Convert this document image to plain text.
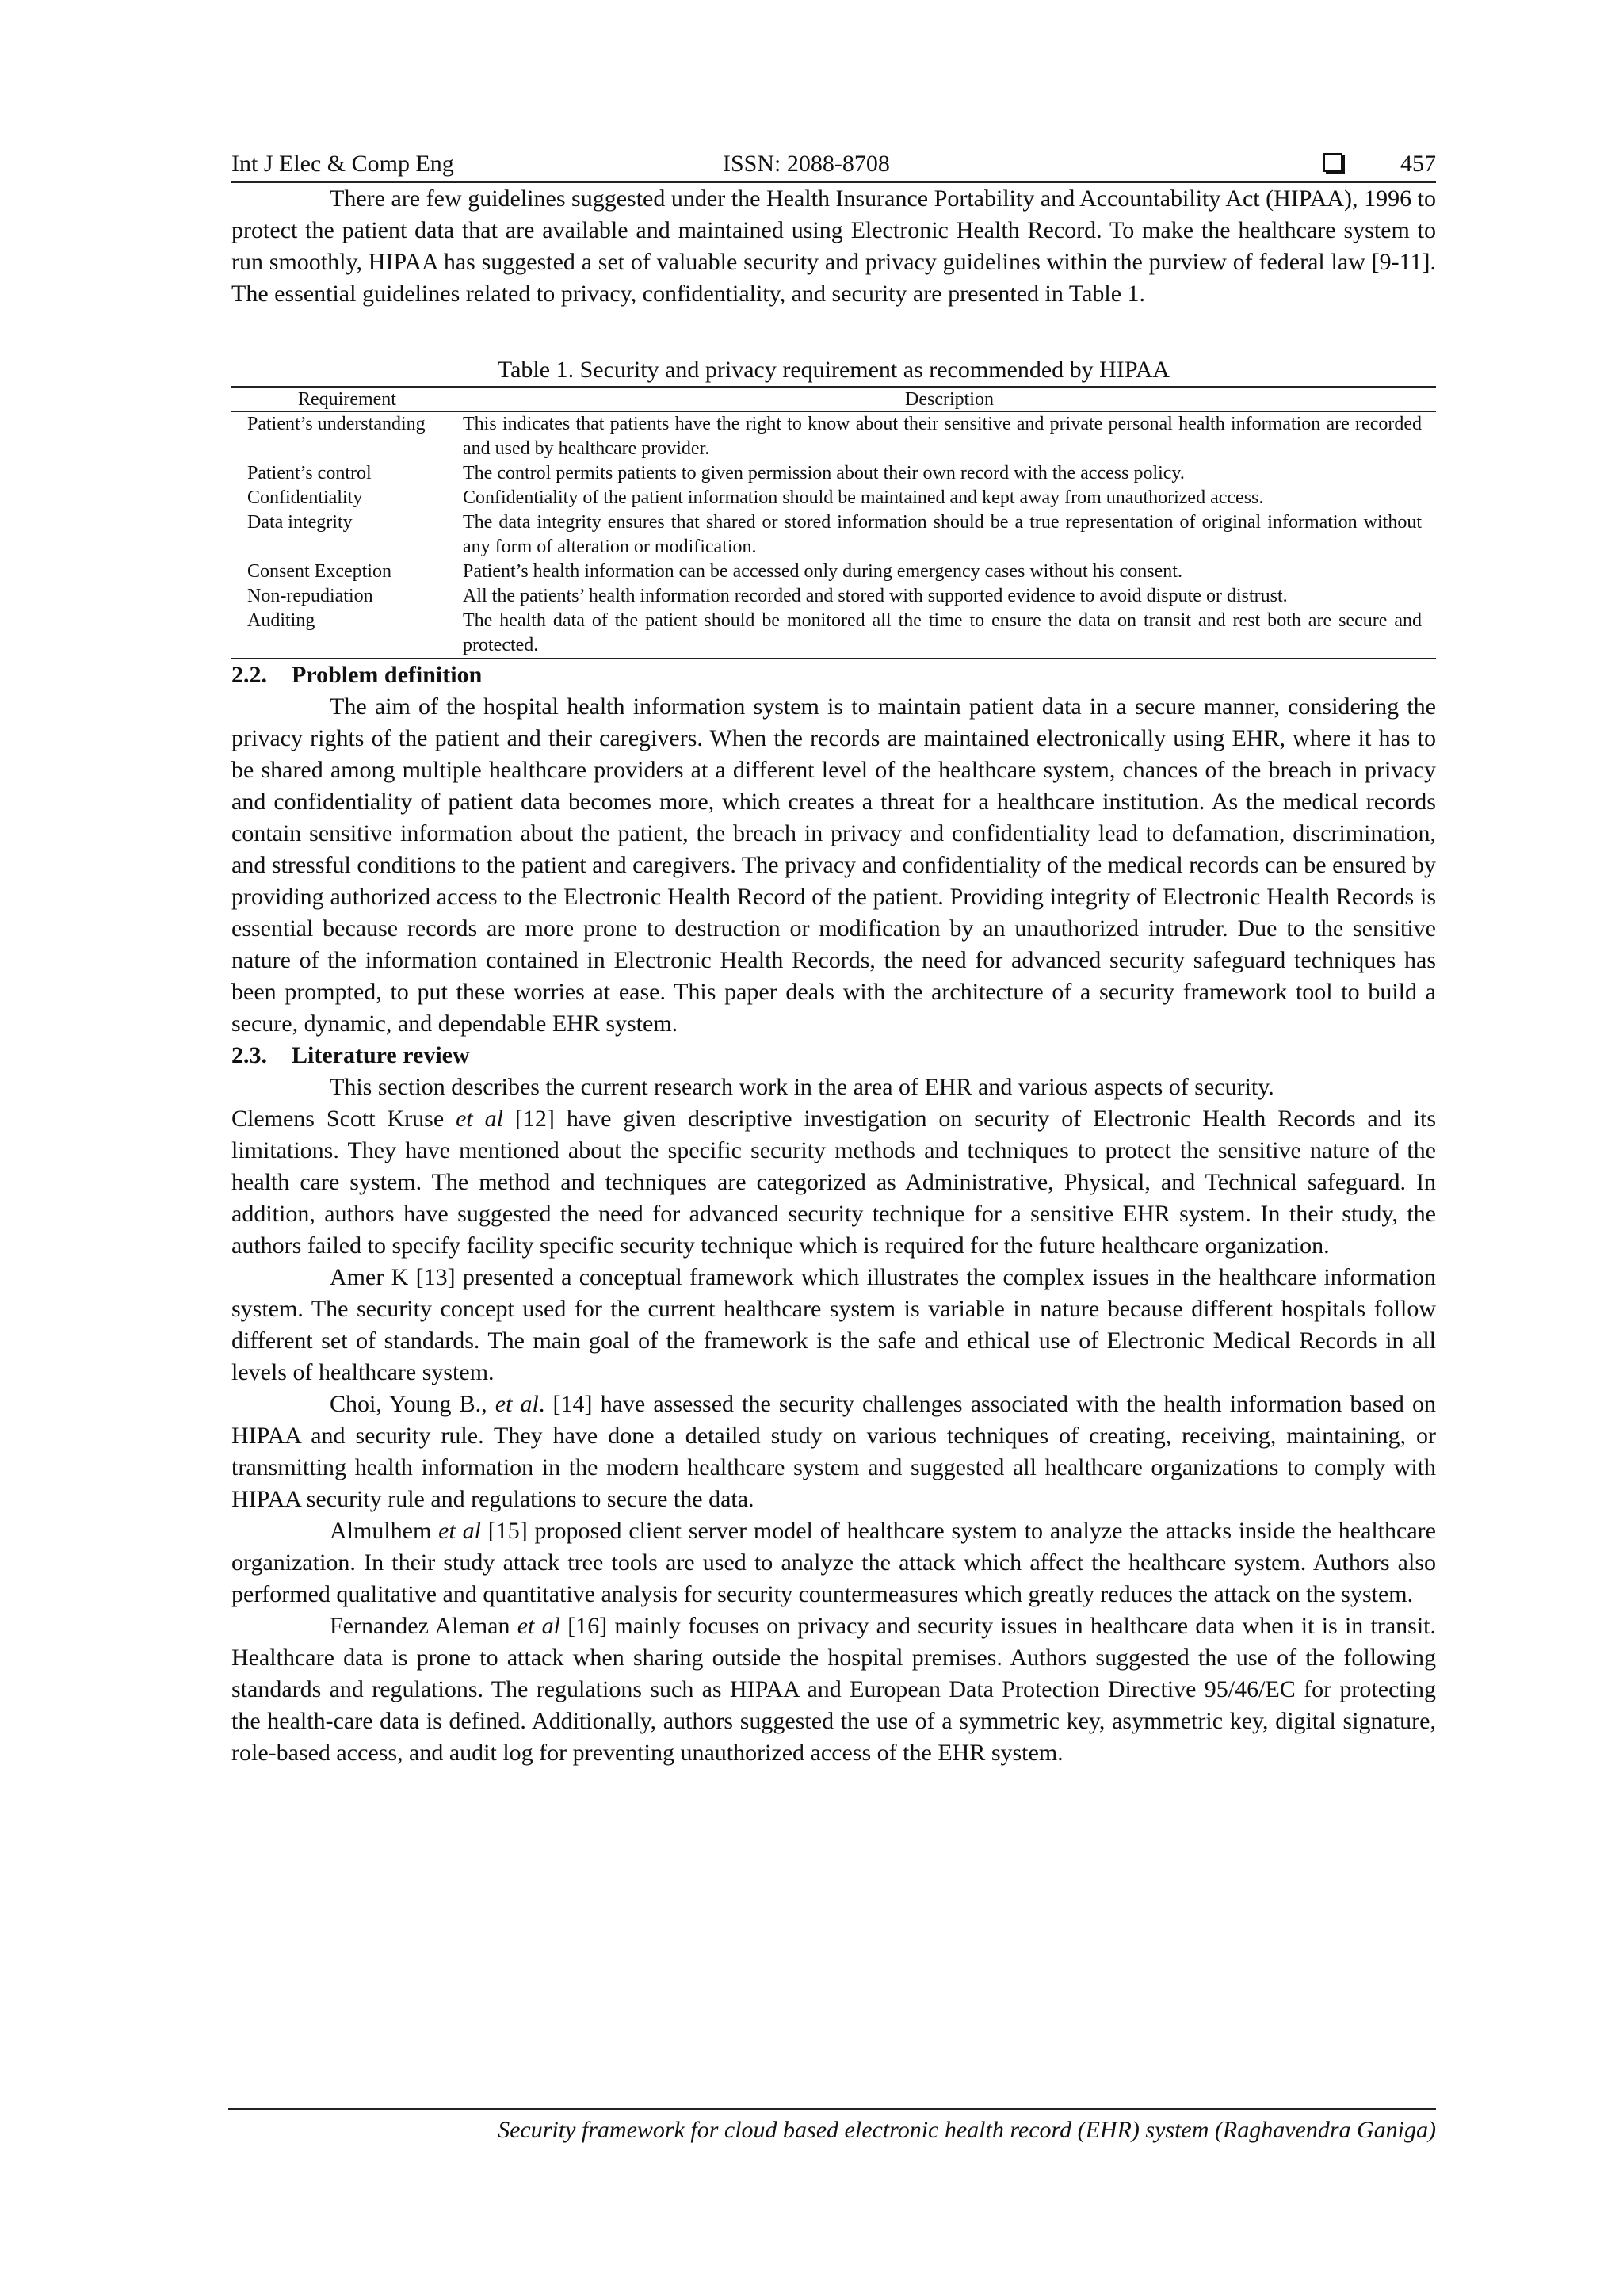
Int J Elec & Comp Eng	ISSN: 2088-8708	457

There are few guidelines suggested under the Health Insurance Portability and Accountability Act (HIPAA), 1996 to protect the patient data that are available and maintained using Electronic Health Record. To make the healthcare system to run smoothly, HIPAA has suggested a set of valuable security and privacy guidelines within the purview of federal law [9-11]. The essential guidelines related to privacy, confidentiality, and security are presented in Table 1.

Table 1. Security and privacy requirement as recommended by HIPAA
Requirement	Description
Patient’s understanding	This indicates that patients have the right to know about their sensitive and private personal health information are recorded and used by healthcare provider.
Patient’s control	The control permits patients to given permission about their own record with the access policy.
Confidentiality	Confidentiality of the patient information should be maintained and kept away from unauthorized access.
Data integrity	The data integrity ensures that shared or stored information should be a true representation of original information without any form of alteration or modification.
Consent Exception	Patient’s health information can be accessed only during emergency cases without his consent.
Non-repudiation	All the patients’ health information recorded and stored with supported evidence to avoid dispute or distrust.
Auditing	The health data of the patient should be monitored all the time to ensure the data on transit and rest both are secure and protected.
2.2.	Problem definition

The aim of the hospital health information system is to maintain patient data in a secure manner, considering the privacy rights of the patient and their caregivers. When the records are maintained electronically using EHR, where it has to be shared among multiple healthcare providers at a different level of the healthcare system, chances of the breach in privacy and confidentiality of patient data becomes more, which creates a threat for a healthcare institution. As the medical records contain sensitive information about the patient, the breach in privacy and confidentiality lead to defamation, discrimination, and stressful conditions to the patient and caregivers. The privacy and confidentiality of the medical records can be ensured by providing authorized access to the Electronic Health Record of the patient. Providing integrity of Electronic Health Records is essential because records are more prone to destruction or modification by an unauthorized intruder. Due to the sensitive nature of the information contained in Electronic Health Records, the need for advanced security safeguard techniques has been prompted, to put these worries at ease. This paper deals with the architecture of a security framework tool to build a secure, dynamic, and dependable EHR system.

2.3.	Literature review

This section describes the current research work in the area of EHR and various aspects of security.

Clemens Scott Kruse et al [12] have given descriptive investigation on security of Electronic Health Records and its limitations. They have mentioned about the specific security methods and techniques to protect the sensitive nature of the health care system. The method and techniques are categorized as Administrative, Physical, and Technical safeguard. In addition, authors have suggested the need for advanced security technique for a sensitive EHR system. In their study, the authors failed to specify facility specific security technique which is required for the future healthcare organization.

Amer K [13] presented a conceptual framework which illustrates the complex issues in the healthcare information system. The security concept used for the current healthcare system is variable in nature because different hospitals follow different set of standards. The main goal of the framework is the safe and ethical use of Electronic Medical Records in all levels of healthcare system.

Choi, Young B., et al. [14] have assessed the security challenges associated with the health information based on HIPAA and security rule. They have done a detailed study on various techniques of creating, receiving, maintaining, or transmitting health information in the modern healthcare system and suggested all healthcare organizations to comply with HIPAA security rule and regulations to secure the data.

Almulhem et al [15] proposed client server model of healthcare system to analyze the attacks inside the healthcare organization. In their study attack tree tools are used to analyze the attack which affect the healthcare system. Authors also performed qualitative and quantitative analysis for security countermeasures which greatly reduces the attack on the system.

Fernandez Aleman et al [16] mainly focuses on privacy and security issues in healthcare data when it is in transit. Healthcare data is prone to attack when sharing outside the hospital premises. Authors suggested the use of the following standards and regulations. The regulations such as HIPAA and European Data Protection Directive 95/46/EC for protecting the health-care data is defined. Additionally, authors suggested the use of a symmetric key, asymmetric key, digital signature, role-based access, and audit log for preventing unauthorized access of the EHR system.

Security framework for cloud based electronic health record (EHR) system (Raghavendra Ganiga)
